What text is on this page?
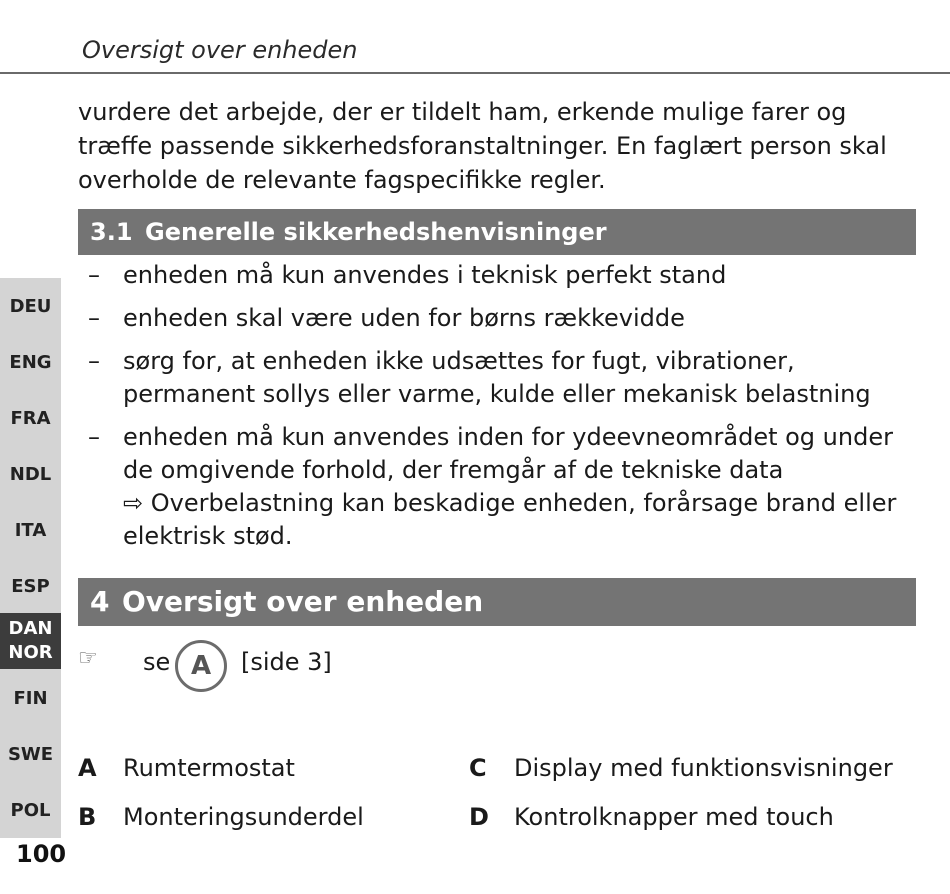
Oversigt over enheden

vurdere det arbejde, der er tildelt ham, erkende mulige farer og træffe passende sikkerhedsforanstaltninger. En faglært person skal overholde de relevante fagspecifikke regler.

3.1 Generelle sikkerhedshenvisninger
– enheden må kun anvendes i teknisk perfekt stand
– enheden skal være uden for børns rækkevidde
– sørg for, at enheden ikke udsættes for fugt, vibrationer, permanent sollys eller varme, kulde eller mekanisk belastning
– enheden må kun anvendes inden for ydeevneområdet og under de omgivende forhold, der fremgår af de tekniske data
⇨ Overbelastning kan beskadige enheden, forårsage brand eller elektrisk stød.
4 Oversigt over enheden
☞ se A	[side 3]
A Rumtermostat
B Monteringsunderdel
C Display med funktionsvisninger
D Kontrolknapper med touch
DEU
ENG
FRA
NDL
ITA
ESP
DAN
NOR
FIN
SWE
POL
100
